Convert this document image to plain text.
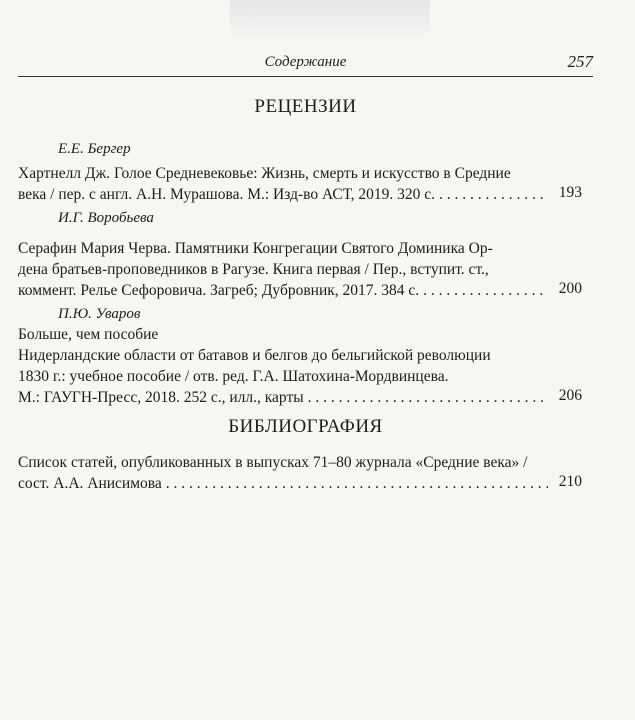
Содержание	257
РЕЦЕНЗИИ
Е.Е. Бергер
Хартнелл Дж. Голое Средневековье: Жизнь, смерть и искусство в Средние
века / пер. с англ. А.Н. Мурашова. М.: Изд-во АСТ, 2019. 320 с. . . .	193
И.Г. Воробьева
Серафин Мария Черва. Памятники Конгрегации Святого Доминика Ор-
дена братьев-проповедников в Рагузе. Книга первая / Пер., вступит. ст.,
коммент. Релье Сефоровича. Загреб; Дубровник, 2017. 384 с. . . .	200
П.Ю. Уваров
Больше, чем пособие
Нидерландские области от батавов и белгов до бельгийской революции
1830 г.: учебное пособие / отв. ред. Г.А. Шатохина-Мордвинцева.
М.: ГАУГН-Пресс, 2018. 252 с., илл., карты . . .	206
БИБЛИОГРАФИЯ
Список статей, опубликованных в выпусках 71–80 журнала «Средние века» /
сост. А.А. Анисимова . . .	210
